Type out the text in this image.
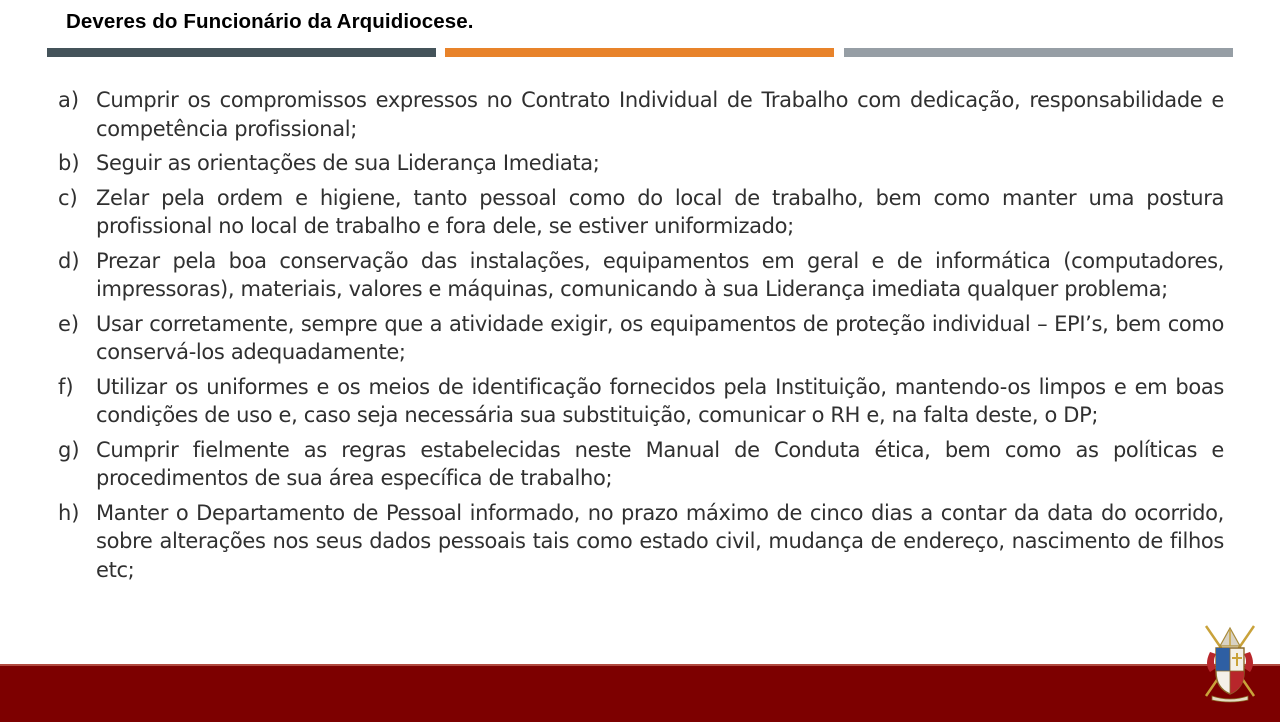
Deveres do Funcionário da Arquidiocese.
a) Cumprir os compromissos expressos no Contrato Individual de Trabalho com dedicação, responsabilidade e competência profissional;
b) Seguir as orientações de sua Liderança Imediata;
c) Zelar pela ordem e higiene, tanto pessoal como do local de trabalho, bem como manter uma postura profissional no local de trabalho e fora dele, se estiver uniformizado;
d) Prezar pela boa conservação das instalações, equipamentos em geral e de informática (computadores, impressoras), materiais, valores e máquinas, comunicando à sua Liderança imediata qualquer problema;
e) Usar corretamente, sempre que a atividade exigir, os equipamentos de proteção individual – EPI’s, bem como conservá-los adequadamente;
f)	Utilizar os uniformes e os meios de identificação fornecidos pela Instituição, mantendo-os limpos e em boas condições de uso e, caso seja necessária sua substituição, comunicar o RH e, na falta deste, o DP;
g) Cumprir fielmente as regras estabelecidas neste Manual de Conduta ética, bem como as políticas e procedimentos de sua área específica de trabalho;
h) Manter o Departamento de Pessoal informado, no prazo máximo de cinco dias a contar da data do ocorrido, sobre alterações nos seus dados pessoais tais como estado civil, mudança de endereço, nascimento de filhos etc;
